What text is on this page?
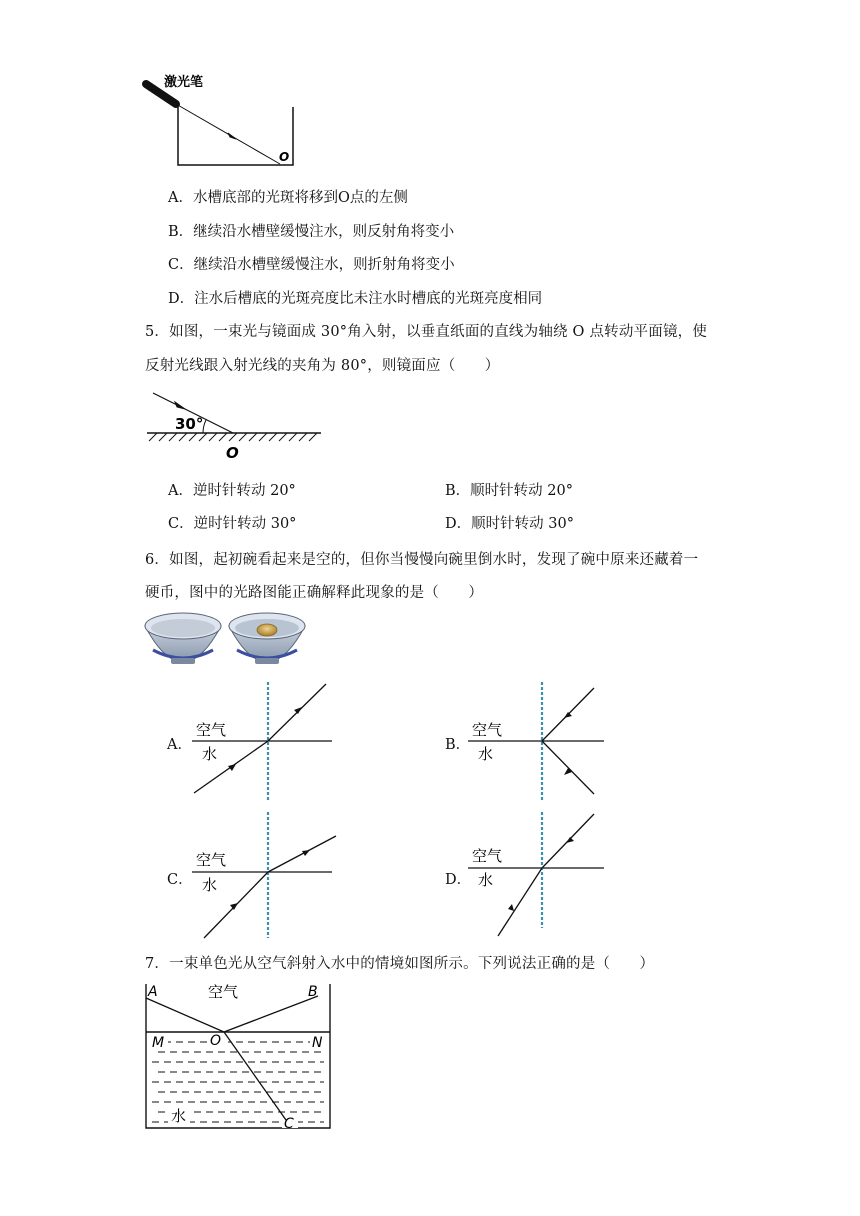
激光笔
O
A．水槽底部的光斑将移到O点的左侧
B．继续沿水槽壁缓慢注水，则反射角将变小
C．继续沿水槽壁缓慢注水，则折射角将变小
D．注水后槽底的光斑亮度比未注水时槽底的光斑亮度相同
5．如图，一束光与镜面成 30°角入射，以垂直纸面的直线为轴绕 O 点转动平面镜，使
反射光线跟入射光线的夹角为 80°，则镜面应（　　）
30°
O
A．逆时针转动 20°	B．顺时针转动 20°
C．逆时针转动 30°	D．顺时针转动 30°
6．如图，起初碗看起来是空的，但你当慢慢向碗里倒水时，发现了碗中原来还藏着一
硬币，图中的光路图能正确解释此现象的是（　　）
A．
空气
水	B．
空气
水
C．
空气
水	D．
空气
水
7．一束单色光从空气斜射入水中的情境如图所示。下列说法正确的是（　　）
A	B
空气
M	O	N
水	C
